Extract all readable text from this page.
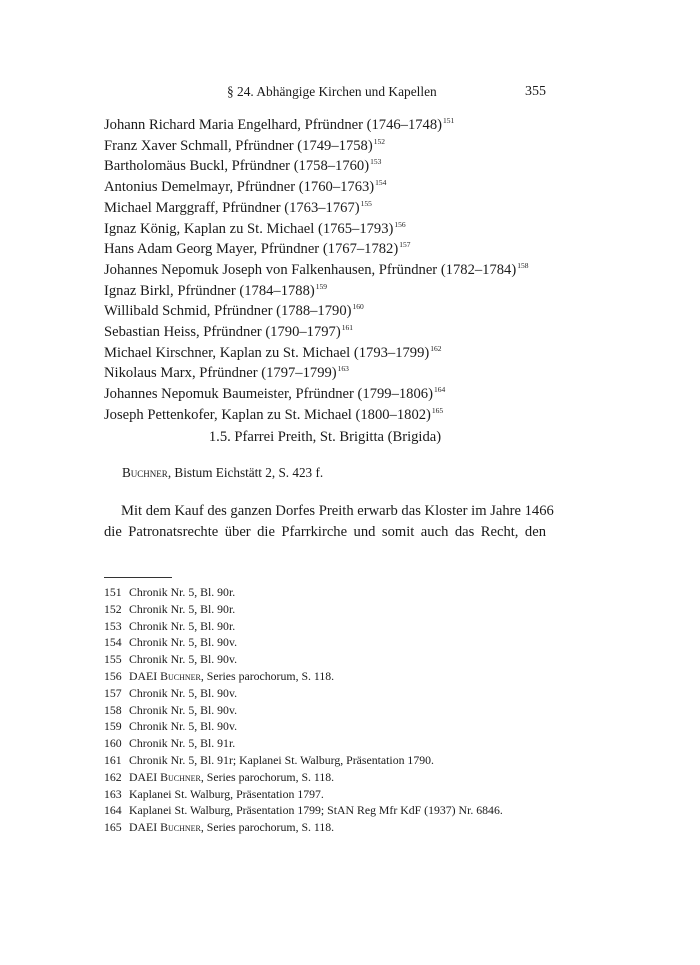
§ 24. Abhängige Kirchen und Kapellen	355
Johann Richard Maria Engelhard, Pfründner (1746–1748)$^{151}$
Franz Xaver Schmall, Pfründner (1749–1758)$^{152}$
Bartholomäus Buckl, Pfründner (1758–1760)$^{153}$
Antonius Demelmayr, Pfründner (1760–1763)$^{154}$
Michael Marggraff, Pfründner (1763–1767)$^{155}$
Ignaz König, Kaplan zu St. Michael (1765–1793)$^{156}$
Hans Adam Georg Mayer, Pfründner (1767–1782)$^{157}$
Johannes Nepomuk Joseph von Falkenhausen, Pfründner (1782–1784)$^{158}$
Ignaz Birkl, Pfründner (1784–1788)$^{159}$
Willibald Schmid, Pfründner (1788–1790)$^{160}$
Sebastian Heiss, Pfründner (1790–1797)$^{161}$
Michael Kirschner, Kaplan zu St. Michael (1793–1799)$^{162}$
Nikolaus Marx, Pfründner (1797–1799)$^{163}$
Johannes Nepomuk Baumeister, Pfründner (1799–1806)$^{164}$
Joseph Pettenkofer, Kaplan zu St. Michael (1800–1802)$^{165}$
1.5. Pfarrei Preith, St. Brigitta (Brigida)
Buchner, Bistum Eichstätt 2, S. 423 f.
Mit dem Kauf des ganzen Dorfes Preith erwarb das Kloster im Jahre 1466
die Patronatsrechte über die Pfarrkirche und somit auch das Recht, den
151 Chronik Nr. 5, Bl. 90r.
152 Chronik Nr. 5, Bl. 90r.
153 Chronik Nr. 5, Bl. 90r.
154 Chronik Nr. 5, Bl. 90v.
155 Chronik Nr. 5, Bl. 90v.
156 DAEI Buchner, Series parochorum, S. 118.
157 Chronik Nr. 5, Bl. 90v.
158 Chronik Nr. 5, Bl. 90v.
159 Chronik Nr. 5, Bl. 90v.
160 Chronik Nr. 5, Bl. 91r.
161 Chronik Nr. 5, Bl. 91r; Kaplanei St. Walburg, Präsentation 1790.
162 DAEI Buchner, Series parochorum, S. 118.
163 Kaplanei St. Walburg, Präsentation 1797.
164 Kaplanei St. Walburg, Präsentation 1799; StAN Reg Mfr KdF (1937) Nr. 6846.
165 DAEI Buchner, Series parochorum, S. 118.
